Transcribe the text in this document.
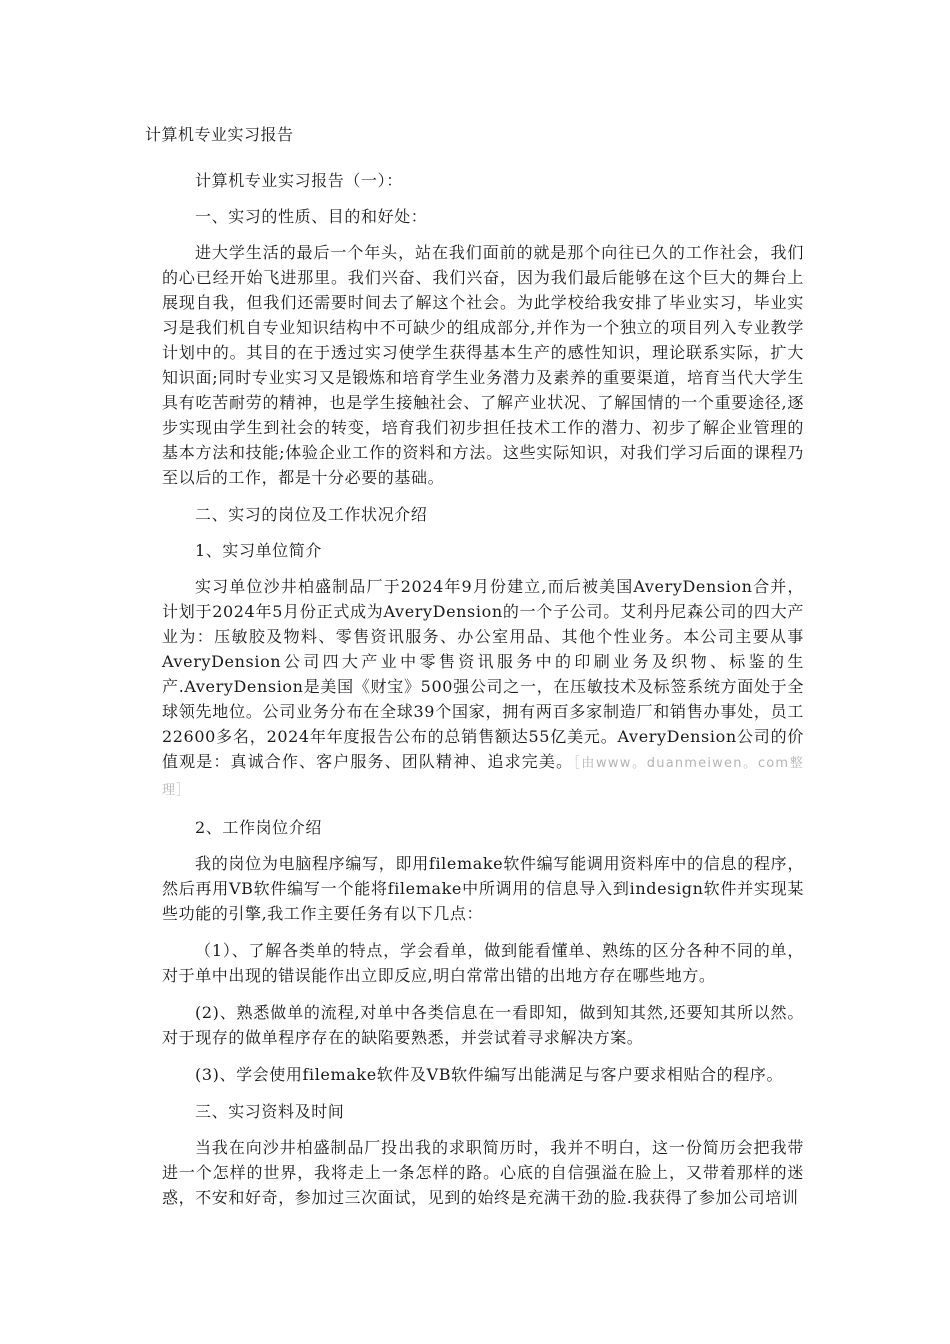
计算机专业实习报告

计算机专业实习报告（一）：

一、实习的性质、目的和好处：

进大学生活的最后一个年头，站在我们面前的就是那个向往已久的工作社会，我们的心已经开始飞进那里。我们兴奋、我们兴奋，因为我们最后能够在这个巨大的舞台上展现自我，但我们还需要时间去了解这个社会。为此学校给我安排了毕业实习，毕业实习是我们机自专业知识结构中不可缺少的组成部分,并作为一个独立的项目列入专业教学计划中的。其目的在于透过实习使学生获得基本生产的感性知识，理论联系实际，扩大知识面;同时专业实习又是锻炼和培育学生业务潜力及素养的重要渠道，培育当代大学生具有吃苦耐劳的精神，也是学生接触社会、了解产业状况、了解国情的一个重要途径,逐步实现由学生到社会的转变，培育我们初步担任技术工作的潜力、初步了解企业管理的基本方法和技能;体验企业工作的资料和方法。这些实际知识，对我们学习后面的课程乃至以后的工作，都是十分必要的基础。

二、实习的岗位及工作状况介绍

1、实习单位简介

实习单位沙井柏盛制品厂于2024年9月份建立,而后被美国AveryDension合并，计划于2024年5月份正式成为AveryDension的一个子公司。艾利丹尼森公司的四大产业为：压敏胶及物料、零售资讯服务、办公室用品、其他个性业务。本公司主要从事AveryDension公司四大产业中零售资讯服务中的印刷业务及织物、标鉴的生产.AveryDension是美国《财宝》500强公司之一，在压敏技术及标签系统方面处于全球领先地位。公司业务分布在全球39个国家，拥有两百多家制造厂和销售办事处，员工22600多名，2024年年度报告公布的总销售额达55亿美元。AveryDension公司的价值观是：真诚合作、客户服务、团队精神、追求完美。［由www。duanmeiwen。com整理］

2、工作岗位介绍

我的岗位为电脑程序编写，即用filemake软件编写能调用资料库中的信息的程序，然后再用VB软件编写一个能将filemake中所调用的信息导入到indesign软件并实现某些功能的引擎,我工作主要任务有以下几点：

（1）、了解各类单的特点，学会看单，做到能看懂单、熟练的区分各种不同的单，对于单中出现的错误能作出立即反应,明白常常出错的出地方存在哪些地方。

(2)、熟悉做单的流程,对单中各类信息在一看即知，做到知其然,还要知其所以然。对于现存的做单程序存在的缺陷要熟悉，并尝试着寻求解决方案。

(3)、学会使用filemake软件及VB软件编写出能满足与客户要求相贴合的程序。

三、实习资料及时间

当我在向沙井柏盛制品厂投出我的求职简历时，我并不明白，这一份简历会把我带进一个怎样的世界，我将走上一条怎样的路。心底的自信强溢在脸上，又带着那样的迷惑，不安和好奇，参加过三次面试，见到的始终是充满干劲的脸.我获得了参加公司培训
